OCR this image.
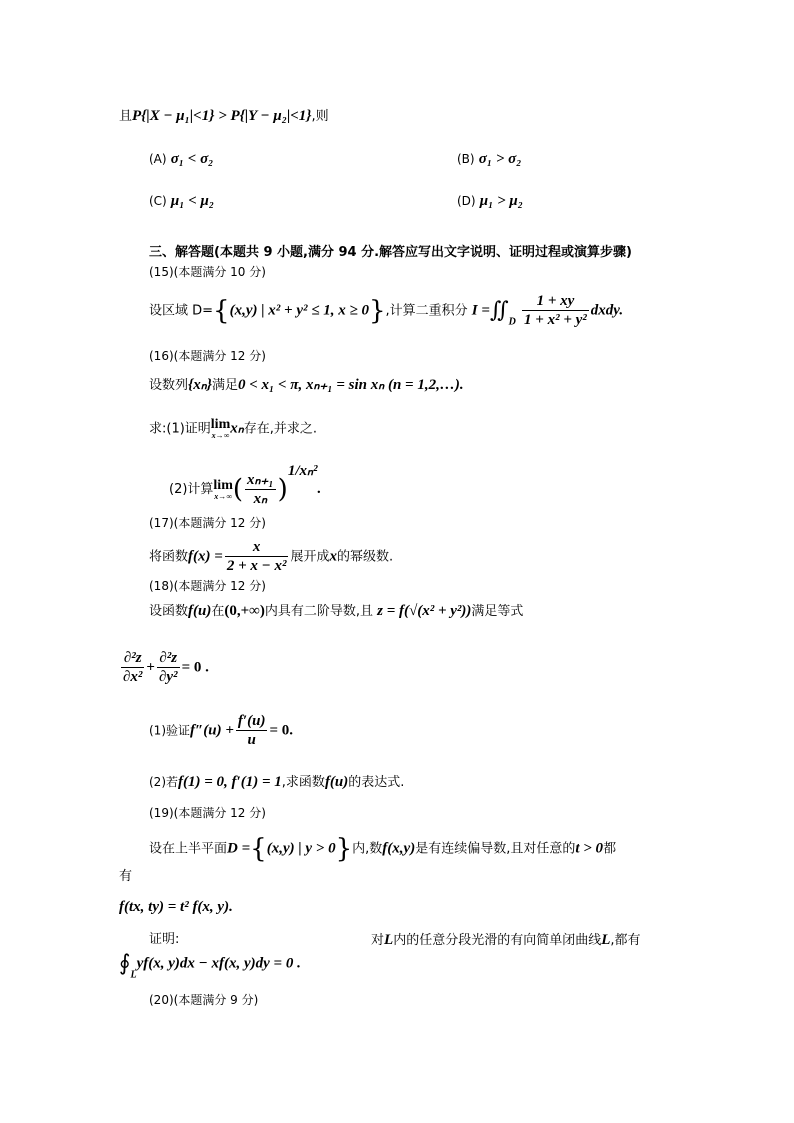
且P{|X − μ₁|<1} > P{|Y − μ₂|<1},则
(A) σ₁ < σ₂	(B) σ₁ > σ₂
(C) μ₁ < μ₂	(D) μ₁ > μ₂
三、解答题(本题共 9 小题,满分 94 分.解答应写出文字说明、证明过程或演算步骤)
(15)(本题满分 10 分)
设区域 D={(x,y) | x² + y² ≤ 1, x ≥ 0},计算二重积分 $I =∬_D \frac{1 + xy}{\text{1 + x² + y²}}$ dxdy.
(16)(本题满分 12 分)
设数列{xₙ}满足0 < x₁ < π, xₙ₊₁ = sin xₙ (n = 1,2,…).
求:(1)证明 lim
x→∞ xₙ存在,并求之.
(2)计算 lim
x→∞ ( $\frac{\text{xₙ₊₁}}{\text{xₙ}} )^{1/x_n^2}$.
(17)(本题满分 12 分)
将函数$f(x) = \frac{x}{\text{2 + x − x²}}$ 展开成x的幂级数.
(18)(本题满分 12 分)
设函数f(u)在(0,+∞)内具有二阶导数,且 z = f(√(x² + y²))满足等式
$\frac{\text{∂²z}}{\text{∂x²}} + \frac{\text{∂²z}}{\text{∂y²}} = 0$ .
(1)验证$f''(u) + \frac{f'(u)}{u} = 0$.
(2)若f(1) = 0, f′(1) = 1,求函数f(u)的表达式.
(19)(本题满分 12 分)
设在上半平面D ={(x,y) | y > 0}内,数f(x,y)是有连续偏导数,且对任意的t > 0都
有
f(tx, ty) = t² f(x, y).
证明:	对L内的任意分段光滑的有向简单闭曲线L,都有
$∮_Lyf(x$, y)dx − xf(x, y)dy = 0 .
(20)(本题满分 9 分)
